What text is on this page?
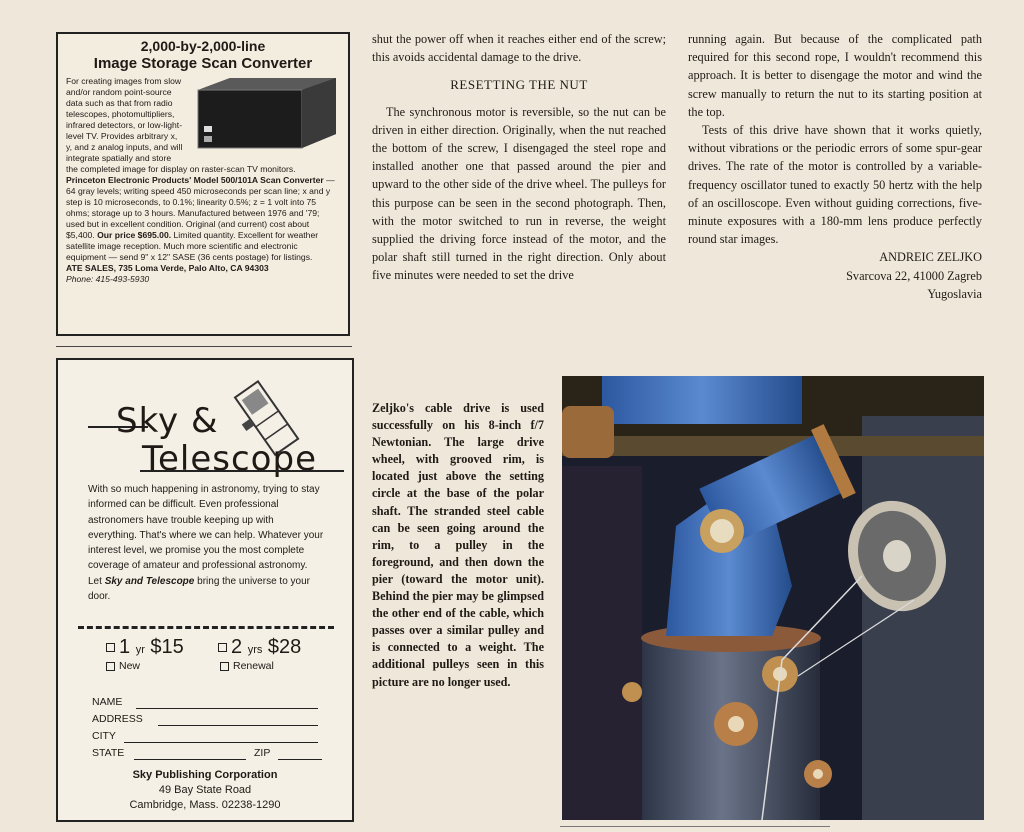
2,000-by-2,000-line
Image Storage Scan Converter

For creating images from slow and/or random point-source data such as that from radio telescopes, photomultipliers, infrared detectors, or low-light-level TV. Provides arbitrary x, y, and z analog inputs, and will integrate spatially and store the completed image for display on raster-scan TV monitors.

Princeton Electronic Products' Model 500/101A Scan Converter — 64 gray levels; writing speed 450 microseconds per scan line; x and y step is 10 microseconds, to 0.1%; linearity 0.5%; z = 1 volt into 75 ohms; storage up to 3 hours. Manufactured between 1976 and '79; used but in excellent condition. Original (and current) cost about $5,400. Our price $695.00. Limited quantity. Excellent for weather satellite image reception. Much more scientific and electronic equipment — send 9" x 12" SASE (36 cents postage) for listings.

ATE SALES, 735 Loma Verde, Palo Alto, CA 94303

Phone: 415-493-5930

Sky &
Telescope
With so much happening in astronomy, trying to stay informed can be difficult. Even professional astronomers have trouble keeping up with everything. That's where we can help. Whatever your interest level, we promise you the most complete coverage of amateur and professional astronomy. Let Sky and Telescope bring the universe to your door.
1 yr $15	2 yrs $28
New	Renewal
NAME
ADDRESS
CITY
STATE	ZIP
Sky Publishing Corporation
49 Bay State Road
Cambridge, Mass. 02238-1290

shut the power off when it reaches either end of the screw; this avoids accidental damage to the drive.

RESETTING THE NUT

The synchronous motor is reversible, so the nut can be driven in either direction. Originally, when the nut reached the bottom of the screw, I disengaged the steel rope and installed another one that passed around the pier and upward to the other side of the drive wheel. The pulleys for this purpose can be seen in the second photograph. Then, with the motor switched to run in reverse, the weight supplied the driving force instead of the motor, and the polar shaft still turned in the right direction. Only about five minutes were needed to set the drive

running again. But because of the complicated path required for this second rope, I wouldn't recommend this approach. It is better to disengage the motor and wind the screw manually to return the nut to its starting position at the top.

Tests of this drive have shown that it works quietly, without vibrations or the periodic errors of some spur-gear drives. The rate of the motor is controlled by a variable-frequency oscillator tuned to exactly 50 hertz with the help of an oscilloscope. Even without guiding corrections, five-minute exposures with a 180-mm lens produce perfectly round star images.

ANDREIC ZELJKO
Svarcova 22, 41000 Zagreb
Yugoslavia
Zeljko's cable drive is used successfully on his 8-inch f/7 Newtonian. The large drive wheel, with grooved rim, is located just above the setting circle at the base of the polar shaft. The stranded steel cable can be seen going around the rim, to a pulley in the foreground, and then down the pier (toward the motor unit). Behind the pier may be glimpsed the other end of the cable, which passes over a similar pulley and is connected to a weight. The additional pulleys seen in this picture are no longer used.
